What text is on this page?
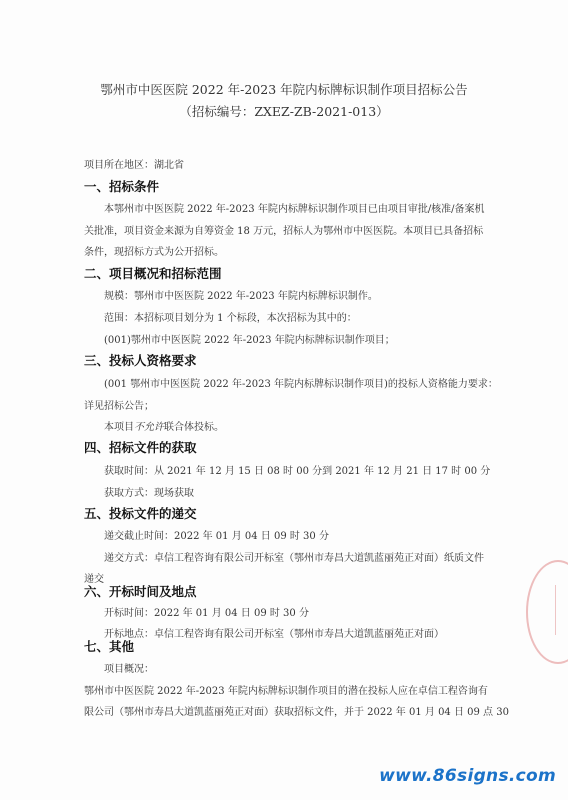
鄂州市中医医院 2022 年-2023 年院内标牌标识制作项目招标公告
（招标编号：ZXEZ-ZB-2021-013）
项目所在地区：湖北省
一、招标条件
本鄂州市中医医院 2022 年-2023 年院内标牌标识制作项目已由项目审批/核准/备案机
关批准，项目资金来源为自筹资金 18 万元，招标人为鄂州市中医医院。本项目已具备招标
条件，现招标方式为公开招标。
二、项目概况和招标范围
规模：鄂州市中医医院 2022 年-2023 年院内标牌标识制作。
范围：本招标项目划分为 1 个标段，本次招标为其中的：
(001)鄂州市中医医院 2022 年-2023 年院内标牌标识制作项目；
三、投标人资格要求
(001 鄂州市中医医院 2022 年-2023 年院内标牌标识制作项目)的投标人资格能力要求：
详见招标公告；
本项目不允许联合体投标。
四、招标文件的获取
获取时间：从 2021 年 12 月 15 日 08 时 00 分到 2021 年 12 月 21 日 17 时 00 分
获取方式：现场获取
五、投标文件的递交
递交截止时间：2022 年 01 月 04 日 09 时 30 分
递交方式：卓信工程咨询有限公司开标室（鄂州市寿昌大道凯蓝丽苑正对面）纸质文件
递交
六、开标时间及地点
开标时间：2022 年 01 月 04 日 09 时 30 分
开标地点：卓信工程咨询有限公司开标室（鄂州市寿昌大道凯蓝丽苑正对面）
七、其他
项目概况：
鄂州市中医医院 2022 年-2023 年院内标牌标识制作项目的潜在投标人应在卓信工程咨询有
限公司（鄂州市寿昌大道凯蓝丽苑正对面）获取招标文件，并于 2022 年 01 月 04 日 09 点 30
www.86signs.com
